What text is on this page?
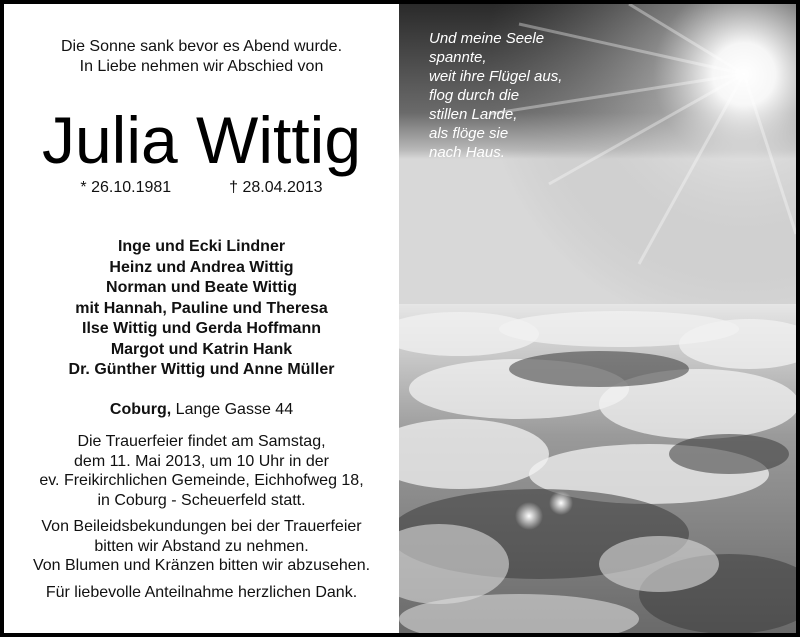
Die Sonne sank bevor es Abend wurde.
In Liebe nehmen wir Abschied von
Julia Wittig
* 26.10.1981	† 28.04.2013
Inge und Ecki Lindner
Heinz und Andrea Wittig
Norman und Beate Wittig
mit Hannah, Pauline und Theresa
Ilse Wittig und Gerda Hoffmann
Margot und Katrin Hank
Dr. Günther Wittig und Anne Müller
Coburg, Lange Gasse 44
Die Trauerfeier findet am Samstag,
dem 11. Mai 2013, um 10 Uhr in der
ev. Freikirchlichen Gemeinde, Eichhofweg 18,
in Coburg - Scheuerfeld statt.
Von Beileidsbekundungen bei der Trauerfeier
bitten wir Abstand zu nehmen.
Von Blumen und Kränzen bitten wir abzusehen.
Für liebevolle Anteilnahme herzlichen Dank.
Und meine Seele
spannte,
weit ihre Flügel aus,
flog durch die
stillen Lande,
als flöge sie
nach Haus.
